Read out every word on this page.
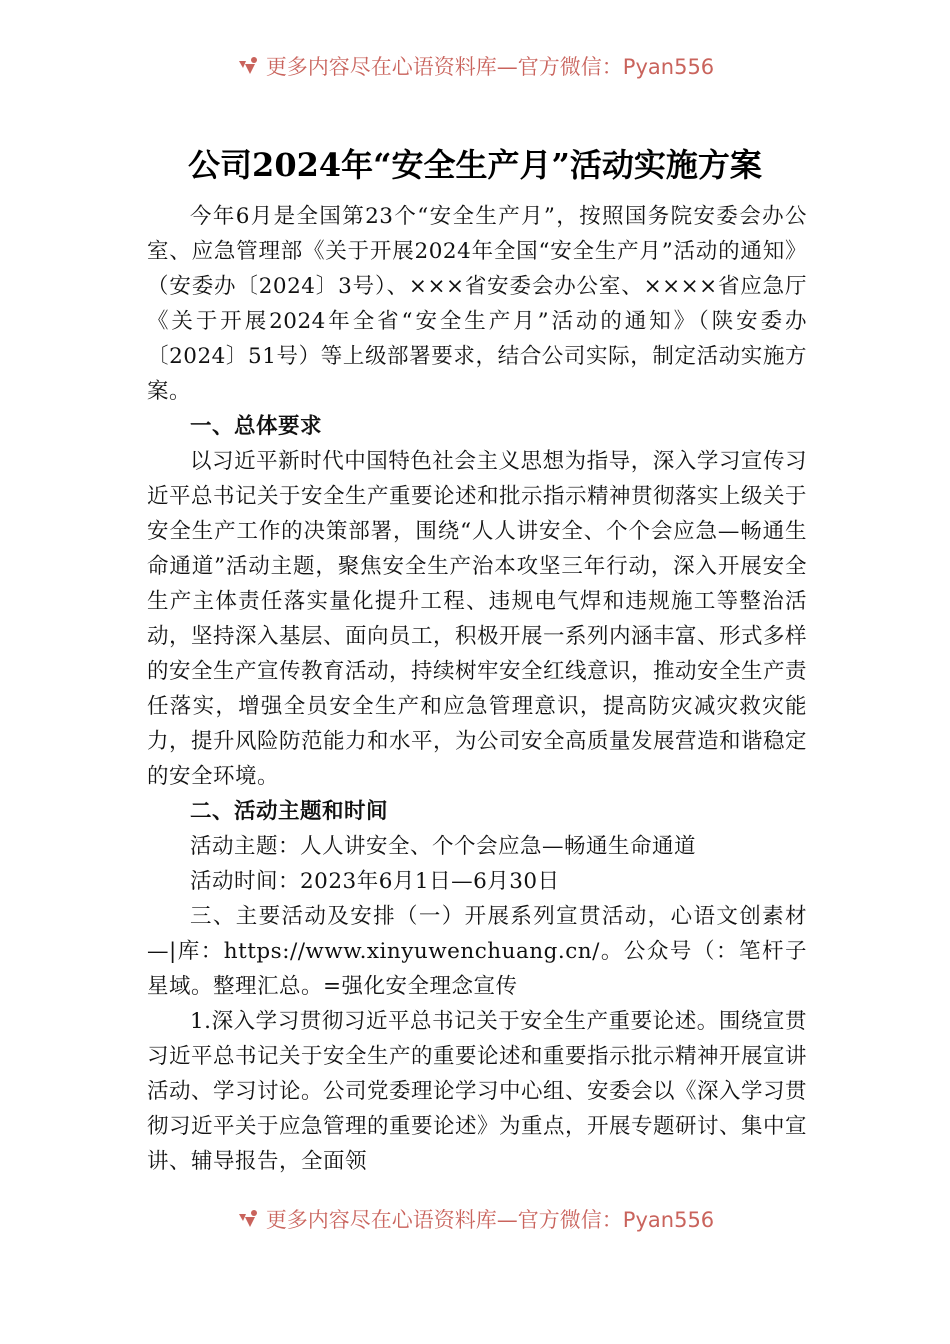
更多内容尽在心语资料库—官方微信：Pyan556
公司2024年“安全生产月”活动实施方案

今年6月是全国第23个“安全生产月”，按照国务院安委会办公室、应急管理部《关于开展2024年全国“安全生产月”活动的通知》（安委办〔2024〕3号）、×××省安委会办公室、××××省应急厅《关于开展2024年全省“安全生产月”活动的通知》（陕安委办〔2024〕51号）等上级部署要求，结合公司实际，制定活动实施方案。

一、总体要求

以习近平新时代中国特色社会主义思想为指导，深入学习宣传习近平总书记关于安全生产重要论述和批示指示精神贯彻落实上级关于安全生产工作的决策部署，围绕“人人讲安全、个个会应急—畅通生命通道”活动主题，聚焦安全生产治本攻坚三年行动，深入开展安全生产主体责任落实量化提升工程、违规电气焊和违规施工等整治活动，坚持深入基层、面向员工，积极开展一系列内涵丰富、形式多样的安全生产宣传教育活动，持续树牢安全红线意识，推动安全生产责任落实，增强全员安全生产和应急管理意识，提高防灾减灾救灾能力，提升风险防范能力和水平，为公司安全高质量发展营造和谐稳定的安全环境。

二、活动主题和时间

活动主题：人人讲安全、个个会应急—畅通生命通道

活动时间：2023年6月1日—6月30日

三、主要活动及安排（一）开展系列宣贯活动，心语文创素材—|库：https://www.xinyuwenchuang.cn/。公众号（：笔杆子星域。整理汇总。=强化安全理念宣传

1.深入学习贯彻习近平总书记关于安全生产重要论述。围绕宣贯习近平总书记关于安全生产的重要论述和重要指示批示精神开展宣讲活动、学习讨论。公司党委理论学习中心组、安委会以《深入学习贯彻习近平关于应急管理的重要论述》为重点，开展专题研讨、集中宣讲、辅导报告，全面领

更多内容尽在心语资料库—官方微信：Pyan556
